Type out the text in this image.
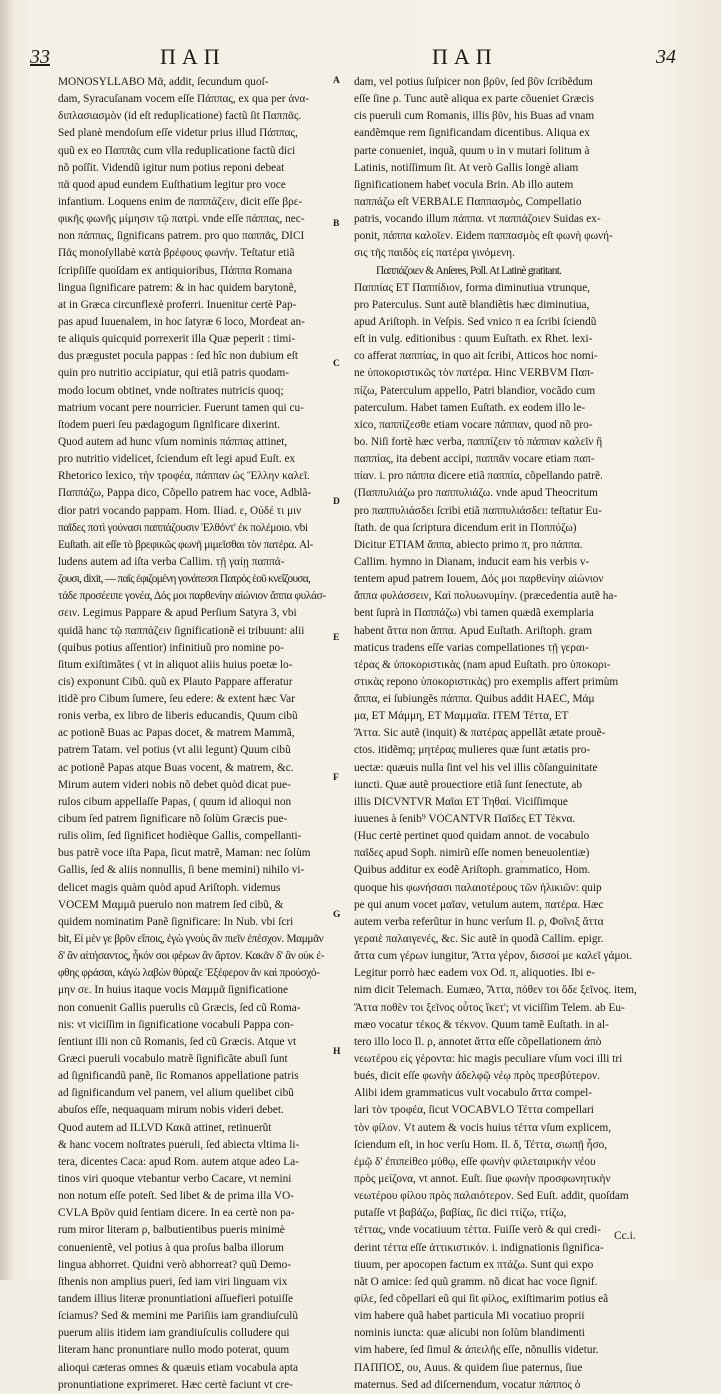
33	ΠΑΠ	ΠΑΠ	34
MONOSYLLABO Μᾶ, addit, ſecundum quoſ-
dam, Syracuſanam vocem eſſe Πάππας, ex qua per ἀνα-
διπλασιασμὸν (id eſt reduplicatione) factũ ſit Παππᾶς.
Sed planè mendoſum eſſe videtur prius illud Πάππας,
quũ ex eo Παππᾶς cum vlla reduplicatione factũ dici
nõ poſſit. Videndũ igitur num potius reponi debeat
πᾶ quod apud eundem Euſthatium legitur pro voce
infantium. Loquens enim de παππάζειν, dicit eſſe βρε-
φικῆς φωνῆς μίμησιν τῷ πατρὶ. vnde eſſe πάππας, nec-
non πάππας, ſignificans patrem. pro quo παππᾶς, DICI
Πᾶς monoſyllabè κατὰ βρέφους φωνήν. Teſtatur etiã
ſcripſiſſe quoſdam ex antiquioribus, Πάππα Romana
lingua ſignificare patrem: & in hac quidem barytonẽ,
at in Græca circunflexè proferri. Inuenitur certè Pap-
pas apud Iuuenalem, in hoc ſatyræ 6 loco, Mordeat an-
te aliquis quicquid porrexerit illa Quæ peperit : timi-
dus prægustet pocula pappas : ſed hîc non dubium eſt
quin pro nutritio accipiatur, qui etiã patris quodam-
modo locum obtinet, vnde noſtrates nutricis quoq;
matrium vocant pere nourricier. Fuerunt tamen qui cu-
ſtodem pueri ſeu pædagogum ſignificare dixerint.
Quod autem ad hunc vſum nominis πάππας attinet,
pro nutritio videlicet, ſciendum eſt legi apud Euſt. ex
Rhetorico lexico, τὴν τροφέα, πάππαν ὡς Ἕλλην καλεῖ.
Παππάζω, Pappa dico, Cõpello patrem hac voce, Adblã-
dior patri vocando pappam. Hom. Iliad. ε, Οὐδέ τι μιν
παῖδες ποτὶ γούνασι παππάζουσιν Ἐλθόντ' ἐκ πολέμοιο. vbi
Euſtath. ait eſſe τὸ βρεφικῶς φωνῆ μιμεῖσθαι τὸν πατέρα. Al-
ludens autem ad iſta verba Callim. τῇ γαίῃ παππά-
ζουσι, dixit, — παῖς ἐφιζομένη γονάτεσσι Πατρὸς ἑοῦ κνεΐζουσα,
τάδε προσέειπε γονέα, Δός μοι παρθενίην αἰώνιον ἄππα φυλάσ-
σειν. Legimus Pappare & apud Perſium Satyra 3, vbi
quidã hanc τῷ παππάζειν ſignificationẽ ei tribuunt: alii
(quibus potius aſſentior) infinitiuũ pro nomine po-
ſitum exiſtimãtes ( vt in aliquot aliis huius poetæ lo-
cis) exponunt Cibũ. quũ ex Plauto Pappare afferatur
itidẽ pro Cibum ſumere, ſeu edere: & extent hæc Var
ronis verba, ex libro de liberis educandis, Quum cibũ
ac potionẽ Buas ac Papas docet, & matrem Mammã,
patrem Tatam. vel potius (vt alii legunt) Quum cibũ
ac potionẽ Papas atque Buas vocent, & matrem, &c.
Mirum autem videri nobis nõ debet quòd dicat pue-
rulos cibum appellaſſe Papas, ( quum id alioqui non
cibum ſed patrem ſignificare nõ ſolùm Græcis pue-
rulis olim, ſed ſignificet hodièque Gallis, compellanti-
bus patrẽ voce iſta Papa, ſicut matrẽ, Maman: nec ſolùm
Gallis, ſed & aliis nonnullis, ſi bene memini) nihilo vi-
delicet magis quàm quòd apud Ariſtoph. videmus
VOCEM Μαμμᾶ puerulo non matrem ſed cibũ, &
quidem nominatim Panẽ ſignificare: In Nub. vbi ſcri
bit, Εἰ μὲν γε βρῦν εἴποις, ἐγὼ γνοὺς ἂν πιεῖν ἐπέσχον. Μαμμᾶν
δ' ἂν αἰτήσαντος, ἧκόν σοι φέρων ἂν ἄρτον. Κακᾶν δ' ἂν οὐκ ἐ-
φθης φράσαι, κἀγὼ λαβὼν θύραζε Ἐξέφερον ἂν καὶ προὐσχό-
μην σε. In huius itaque vocis Μαμμᾶ ſignificatione
non conuenit Gallis puerulis cũ Græcis, ſed cũ Roma-
nis: vt viciſſim in ſignificatione vocabuli Pappa con-
ſentiunt illi non cũ Romanis, ſed cũ Græcis. Atque vt
Græci pueruli vocabulo matrẽ ſignificãte abuſi ſunt
ad ſignificandũ panẽ, ſic Romanos appellatione patris
ad ſignificandum vel panem, vel alium quelibet cibũ
abuſos eſſe, nequaquam mirum nobis videri debet.
Quod autem ad ILLVD Κακᾶ attinet, retinuerũt
& hanc vocem noſtrates pueruli, ſed abiecta vltima li-
tera, dicentes Caca: apud Rom. autem atque adeo La-
tinos viri quoque vtebantur verbo Cacare, vt nemini
non notum eſſe poteſt. Sed libet & de prima illa VO-
CVLA Βρῦν quid ſentiam dicere. In ea certè non pa-
rum miror literam ρ, balbutientibus pueris minimè
conuenientẽ, vel potius à qua proſus balba illorum
lingua abhorret. Quidni verò abhorreat? quũ Demo-
ſthenis non amplius pueri, ſed iam viri linguam vix
tandem illius literæ pronuntiationi aſſuefieri potuiſſe
ſciamus? Sed & memini me Pariſiis iam grandiuſculũ
puerum aliis itidem iam grandiuſculis colludere qui
literam hanc pronuntiare nullo modo poterat, quum
alioqui cæteras omnes & quæuis etiam vocabula apta
pronuntiatione exprimeret. Hæc certè faciunt vt cre-
dam, vel potius ſuſpicer non βρῦν, ſed βῦν ſcribẽdum
eſſe ſine ρ. Tunc autẽ aliqua ex parte cõueniet Græcis
cis pueruli cum Romanis, illis βῦν, his Buas ad vnam
eandẽmque rem ſignificandam dicentibus. Aliqua ex
parte conueniet, inquã, quum υ in v mutari ſolitum à
Latinis, notiſſimum ſit. At verò Gallis longè aliam
ſignificationem habet vocula Brin. Ab illo autem
παππάζω eſt VERBALE Παππασμὸς, Compellatio
patris, vocando illum πάππα. vt παππάζοιεν Suidas ex-
ponit, πάππα καλοῖεν. Eidem παππασμὸς eſt φωνὴ φωνή-
σις τῆς παιδὸς εἰς πατέρα γινόμενη.
Παππάζοιεν & Anſeres, Poll. At Latinè gratitant.
Παππίας ET Παππίδιον, forma diminutiua vtrunque,
pro Paterculus. Sunt autẽ blandiẽtis hæc diminutiua,
apud Ariſtoph. in Veſpis. Sed vnico π ea ſcribi ſciendũ
eſt in vulg. editionibus : quum Euſtath. ex Rhet. lexi-
co afferat παππίας, in quo ait ſcribi, Atticos hoc nomi-
ne ὑποκοριστικῶς τὸν πατέρα. Hinc VERBVM Παπ-
πίζω, Paterculum appello, Patri blandior, vocãdo cum
paterculum. Habet tamen Euſtath. ex eodem illo le-
xico, παππίζεσθε etiam vocare πάππαν, quod nõ pro-
bo. Niſi fortè hæc verba, παππίζειν τὸ πάππαν καλεῖν ἢ
παππίας, ita debent accipi, παππᾶν vocare etiam παπ-
πίαν. i. pro πάππα dicere etiã παππία, cõpellando patrẽ.
(Παππυλιάζω pro παππυλιάζω. vnde apud Theocritum
pro παππυλιάσδει ſcribi etiã παππυλιάσδει: teſtatur Eu-
ſtath. de qua ſcriptura dicendum erit in Ποππύζω)
Dicitur ETIAM ἄππα, abiecto primo π, pro πάππα.
Callim. hymno in Dianam, inducit eam his verbis v-
tentem apud patrem Iouem, Δός μοι παρθενίην αἰώνιον
ἄππα φυλάσσειν, Καὶ πολυωνυμίην. (præcedentia autẽ ha-
bent ſuprà in Παππάζω) vbi tamen quædã exemplaria
habent ἄττα non ἄππα. Apud Euſtath. Ariſtoph. gram
maticus tradens eſſe varias compellationes τῇ γεραι-
τέρας & ὑποκοριστικὰς (nam apud Euſtath. pro ὑποκορι-
στικὰς repono ὑποκοριστικὰς) pro exemplis affert primùm
ἄππα, ei ſubiungẽs πάππα. Quibus addit HAEC, Μάμ
μα, ET Μάμμη, ET Μαμμαῖα. ITEM Τέττα, ET
Ἄττα. Sic autẽ (inquit) & πατέρας appellãt ætate prouẽ-
ctos. itidẽmq; μητέρας mulieres quæ ſunt ætatis pro-
uectæ: quæuis nulla ſint vel his vel illis cõſanguinitate
iuncti. Quæ autẽ prouectiore etiã ſunt ſenectute, ab
illis DICVNTVR Μαῖαι ET Τηθαί. Viciſſimque
iuuenes à ſenib⁹ VOCANTVR Παῖδες ET Τέκνα.
(Huc certè pertinet quod quidam annot. de vocabulo
παῖδες apud Soph. nimirũ eſſe nomen beneuolentiæ)
Quibus additur ex eodẽ Ariſtoph. grammatico, Hom.
quoque his φωνήσασι παλαιοτέρους τῶν ἡλικιῶν: quip
pe qui anum vocet μαῖαν, vetulum autem, πατέρα. Hæc
autem verba referũtur in hunc verſum Il. ρ, Φοῖνιξ ἄττα
γεραιὲ παλαιγενές, &c. Sic autẽ in quodã Callim. epigr.
ἄττα cum γέρων iungitur, Ἄττα γέρον, δισσοί με καλεῖ γάμοι.
Legitur porrò hæc eadem vox Od. π, aliquoties. Ibi e-
nim dicit Telemach. Eumæo, Ἄττα, πόθεν τοι ὅδε ξεῖνος. item,
Ἄττα ποθὲν τοι ξεῖνος οὗτος ἵκετ'; vt viciſſim Telem. ab Eu-
mæo vocatur τέκος & τέκνον. Quum tamẽ Euſtath. in al-
tero illo loco Il. ρ, annotet ἄττα eſſe cõpellationem ἀπὸ
νεωτέρου εἰς γέροντα: hic magis peculiare vſum voci illi tri
bués, dicit eſſe φωνὴν ἀδελφῷ νέῳ πρὸς πρεσβύτερον.
Alibi idem grammaticus vult vocabulo ἄττα compel-
lari τὸν τροφέα, ſicut VOCABVLO Τέττα compellari
τὸν φίλον. Vt autem & vocis huius τέττα vſum explicem,
ſciendum eſt, in hoc verſu Hom. Il. δ, Τέττα, σιωπῇ ἧσο,
ἐμῷ δ' ἐπιπείθεο μύθῳ, eſſe φωνὴν φιλεταιρικὴν νέου
πρὸς μείζονα, vt annot. Euſt. ſiue φωνὴν προσφωνητικὴν
νεωτέρου φίλου πρὸς παλαιότερον. Sed Euſt. addit, quoſdam
putaſſe vt βαβάζω, βαβίας, ſic dici ττίζω, ττίζω,
τέττας, vnde vocatiuum τέττα. Fuiſſe verò & qui credi-
derint τέττα eſſe ἀττικιστικόν. i. indignationis ſignifica-
tiuum, per apocopen factum ex πτάζω. Sunt qui expo
nãt O amice: ſed quũ gramm. nõ dicat hac voce ſignif.
φίλε, ſed cõpellari eũ qui ſit φίλος, exiſtimarim potius eã
vim habere quã habet particula Mi vocatiuo proprii
nominis iuncta: quæ alicubi non ſolùm blandimenti
vim habere, ſed ſimul & ἀπειλῆς eſſe, nõnullis videtur.
ΠΑΠΠΟΣ, ου, Auus. & quidem ſiue paternus, ſiue
maternus. Sed ad diſcernendum, vocatur πάππος ὁ
A
B
C
D
E
F
G
H
Cc.i.
